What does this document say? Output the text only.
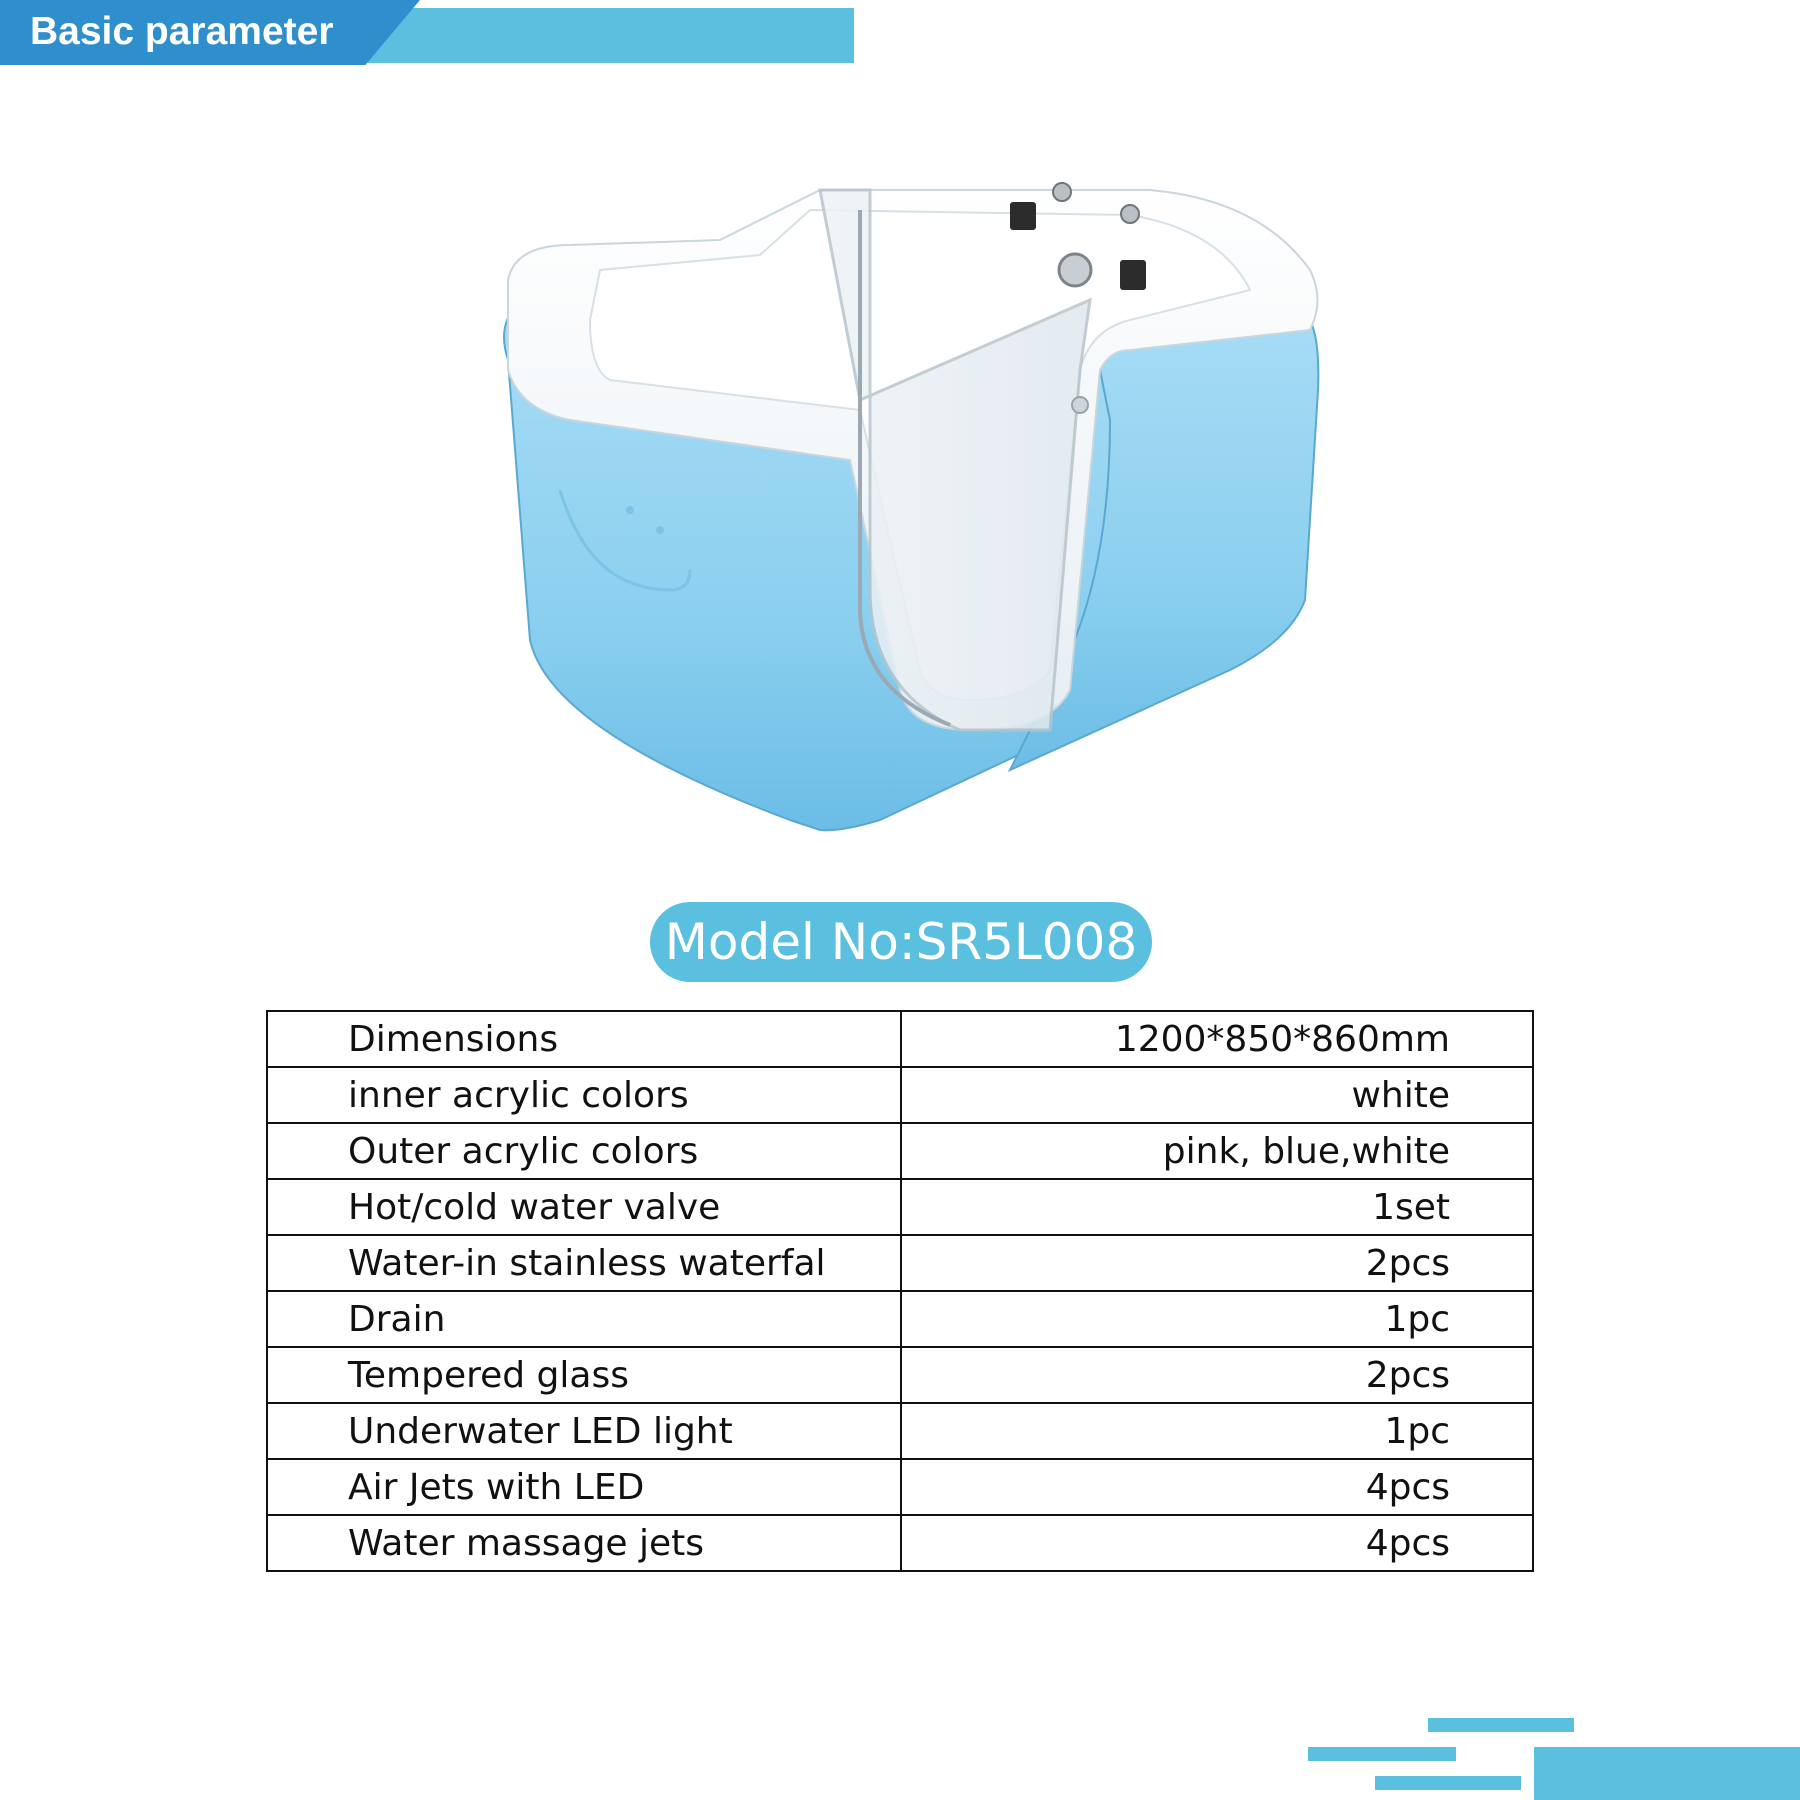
Basic parameter
Model No:SR5L008
Dimensions	1200*850*860mm
inner acrylic colors	white
Outer acrylic colors	pink, blue,white
Hot/cold water valve	1set
Water-in stainless waterfal	2pcs
Drain	1pc
Tempered glass	2pcs
Underwater LED light	1pc
Air Jets with LED	4pcs
Water massage jets	4pcs
